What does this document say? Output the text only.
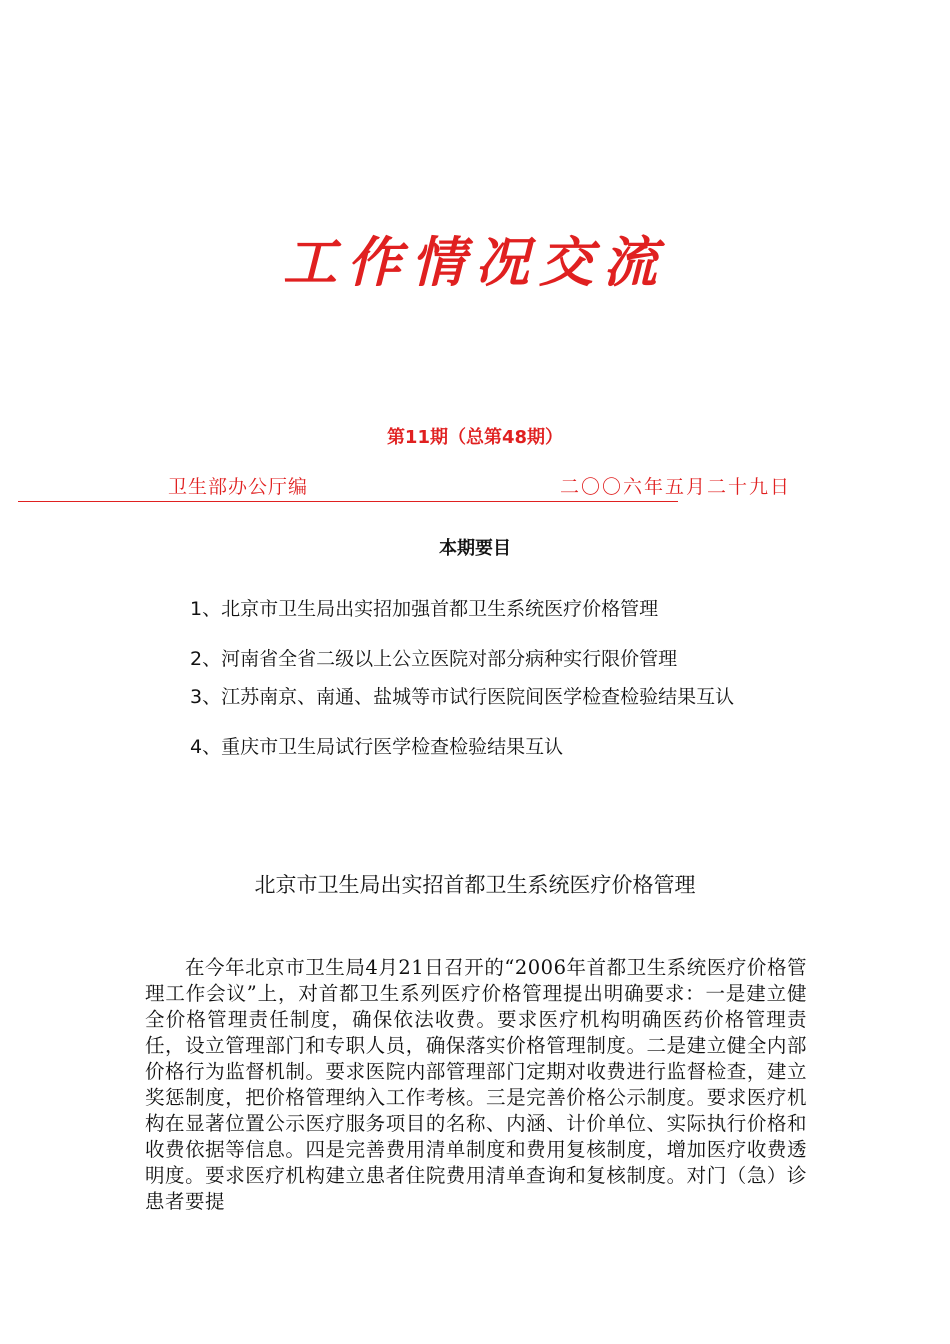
工作情况交流
第11期（总第48期）
卫生部办公厅编	二〇〇六年五月二十九日
本期要目
1、北京市卫生局出实招加强首都卫生系统医疗价格管理
2、河南省全省二级以上公立医院对部分病种实行限价管理
3、江苏南京、南通、盐城等市试行医院间医学检查检验结果互认
4、重庆市卫生局试行医学检查检验结果互认
北京市卫生局出实招首都卫生系统医疗价格管理
在今年北京市卫生局4月21日召开的“2006年首都卫生系统医疗价格管理工作会议”上，对首都卫生系列医疗价格管理提出明确要求：一是建立健全价格管理责任制度，确保依法收费。要求医疗机构明确医药价格管理责任，设立管理部门和专职人员，确保落实价格管理制度。二是建立健全内部价格行为监督机制。要求医院内部管理部门定期对收费进行监督检查，建立奖惩制度，把价格管理纳入工作考核。三是完善价格公示制度。要求医疗机构在显著位置公示医疗服务项目的名称、内涵、计价单位、实际执行价格和收费依据等信息。四是完善费用清单制度和费用复核制度，增加医疗收费透明度。要求医疗机构建立患者住院费用清单查询和复核制度。对门（急）诊患者要提
